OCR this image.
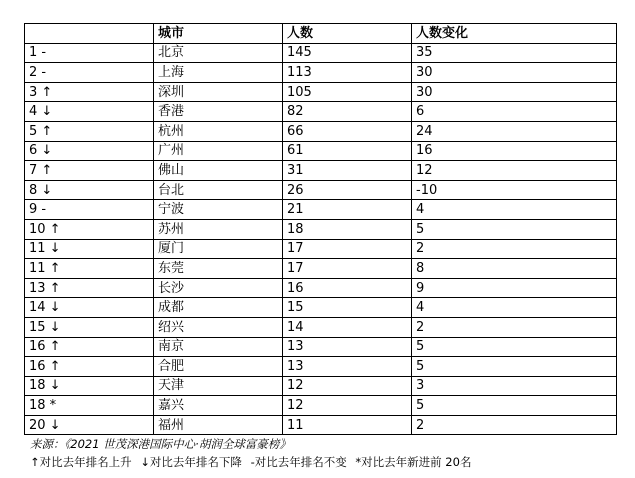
	城市	人数	人数变化
1 -	北京	145	35
2 -	上海	113	30
3 ↑	深圳	105	30
4 ↓	香港	82	6
5 ↑	杭州	66	24
6 ↓	广州	61	16
7 ↑	佛山	31	12
8 ↓	台北	26	-10
9 -	宁波	21	4
10 ↑	苏州	18	5
11 ↓	厦门	17	2
11 ↑	东莞	17	8
13 ↑	长沙	16	9
14 ↓	成都	15	4
15 ↓	绍兴	14	2
16 ↑	南京	13	5
16 ↑	合肥	13	5
18 ↓	天津	12	3
18 *	嘉兴	12	5
20 ↓	福州	11	2
来源：《2021 世茂深港国际中心·胡润全球富豪榜》
↑对比去年排名上升 ↓对比去年排名下降 -对比去年排名不变 *对比去年新进前 20名
